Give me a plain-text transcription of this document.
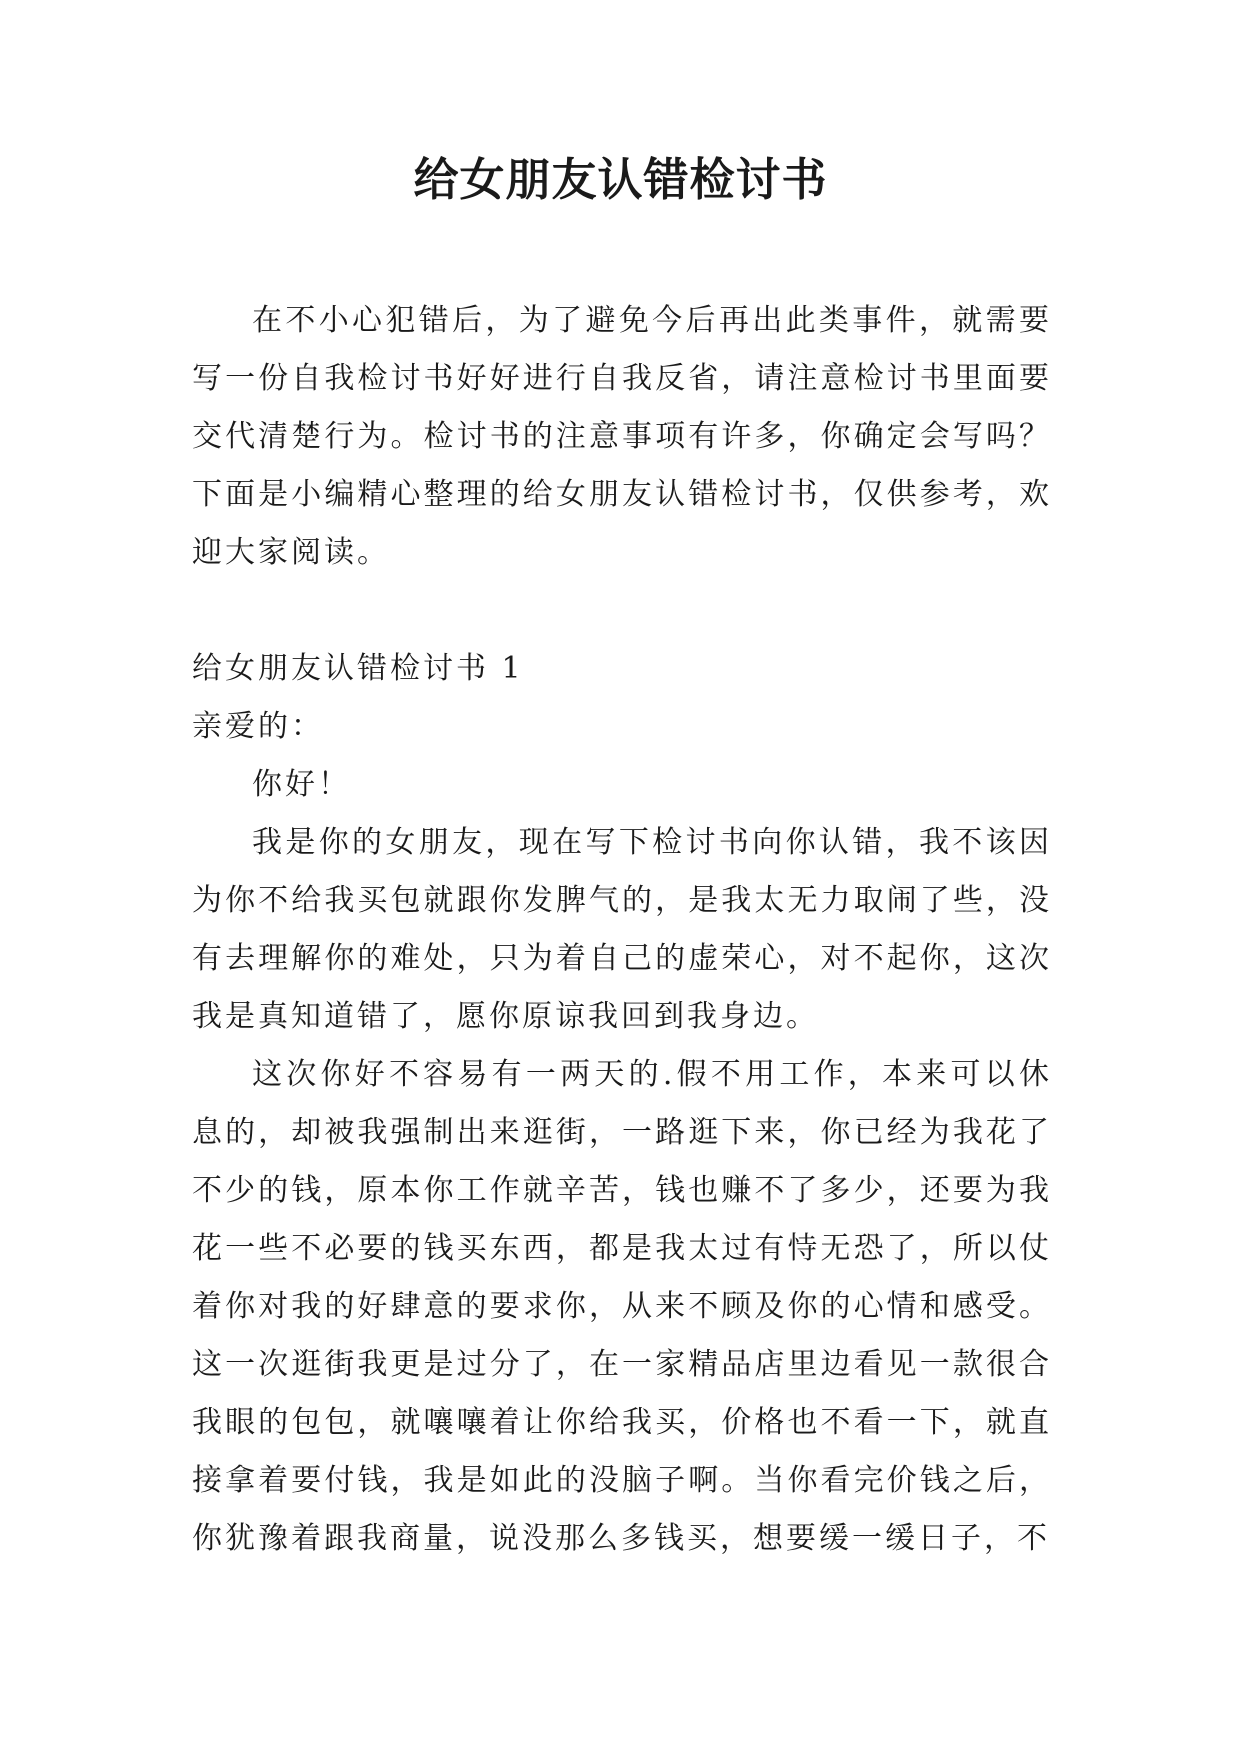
给女朋友认错检讨书

在不小心犯错后，为了避免今后再出此类事件，就需要写一份自我检讨书好好进行自我反省，请注意检讨书里面要交代清楚行为。检讨书的注意事项有许多，你确定会写吗？下面是小编精心整理的给女朋友认错检讨书，仅供参考，欢迎大家阅读。

给女朋友认错检讨书 1

亲爱的：

你好！

我是你的女朋友，现在写下检讨书向你认错，我不该因为你不给我买包就跟你发脾气的，是我太无力取闹了些，没有去理解你的难处，只为着自己的虚荣心，对不起你，这次我是真知道错了，愿你原谅我回到我身边。

这次你好不容易有一两天的.假不用工作，本来可以休息的，却被我强制出来逛街，一路逛下来，你已经为我花了不少的钱，原本你工作就辛苦，钱也赚不了多少，还要为我花一些不必要的钱买东西，都是我太过有恃无恐了，所以仗着你对我的好肆意的要求你，从来不顾及你的心情和感受。这一次逛街我更是过分了，在一家精品店里边看见一款很合我眼的包包，就嚷嚷着让你给我买，价格也不看一下，就直接拿着要付钱，我是如此的没脑子啊。当你看完价钱之后，你犹豫着跟我商量，说没那么多钱买，想要缓一缓日子，不
